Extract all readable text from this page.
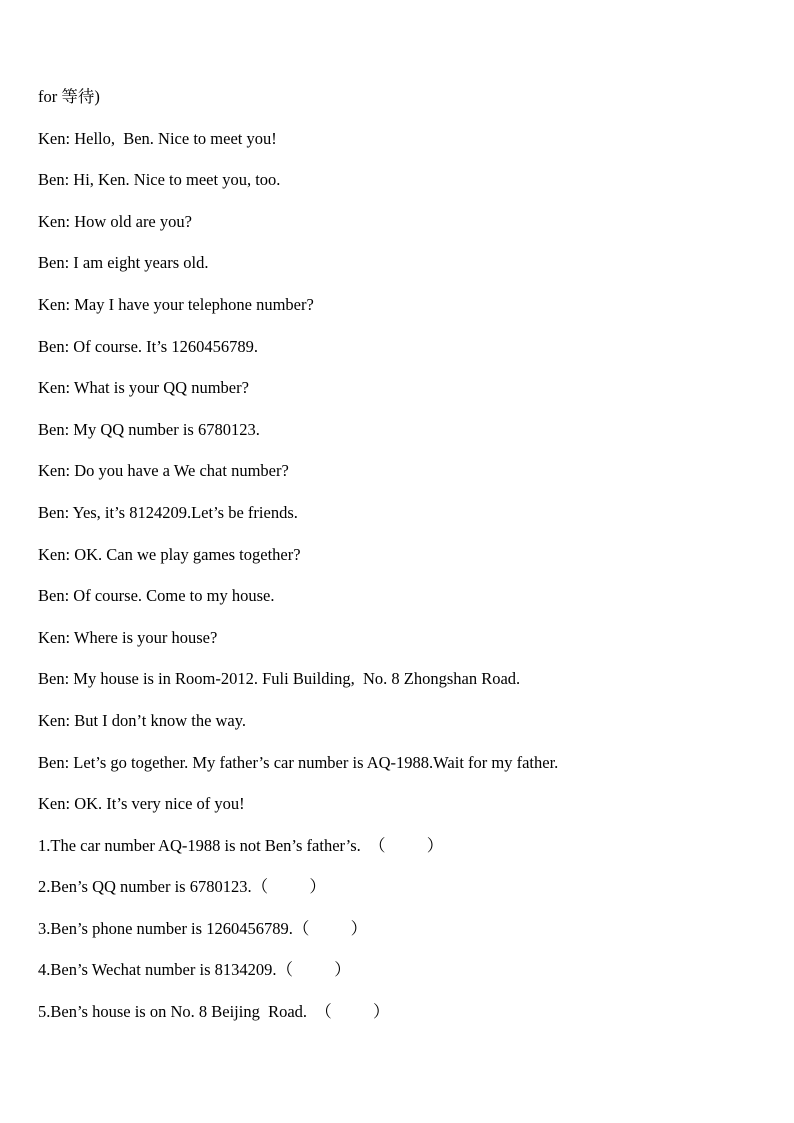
for 等待)
Ken: Hello,  Ben. Nice to meet you!
Ben: Hi, Ken. Nice to meet you, too.
Ken: How old are you?
Ben: I am eight years old.
Ken: May I have your telephone number?
Ben: Of course. It’s 1260456789.
Ken: What is your QQ number?
Ben: My QQ number is 6780123.
Ken: Do you have a We chat number?
Ben: Yes, it’s 8124209.Let’s be friends.
Ken: OK. Can we play games together?
Ben: Of course. Come to my house.
Ken: Where is your house?
Ben: My house is in Room-2012. Fuli Building,  No. 8 Zhongshan Road.
Ken: But I don’t know the way.
Ben: Let’s go together. My father’s car number is AQ-1988.Wait for my father.
Ken: OK. It’s very nice of you!
1.The car number AQ-1988 is not Ben’s father’s.  （          ）
2.Ben’s QQ number is 6780123.（          ）
3.Ben’s phone number is 1260456789.（          ）
4.Ben’s Wechat number is 8134209.（          ）
5.Ben’s house is on No. 8 Beijing  Road.  （          ）
